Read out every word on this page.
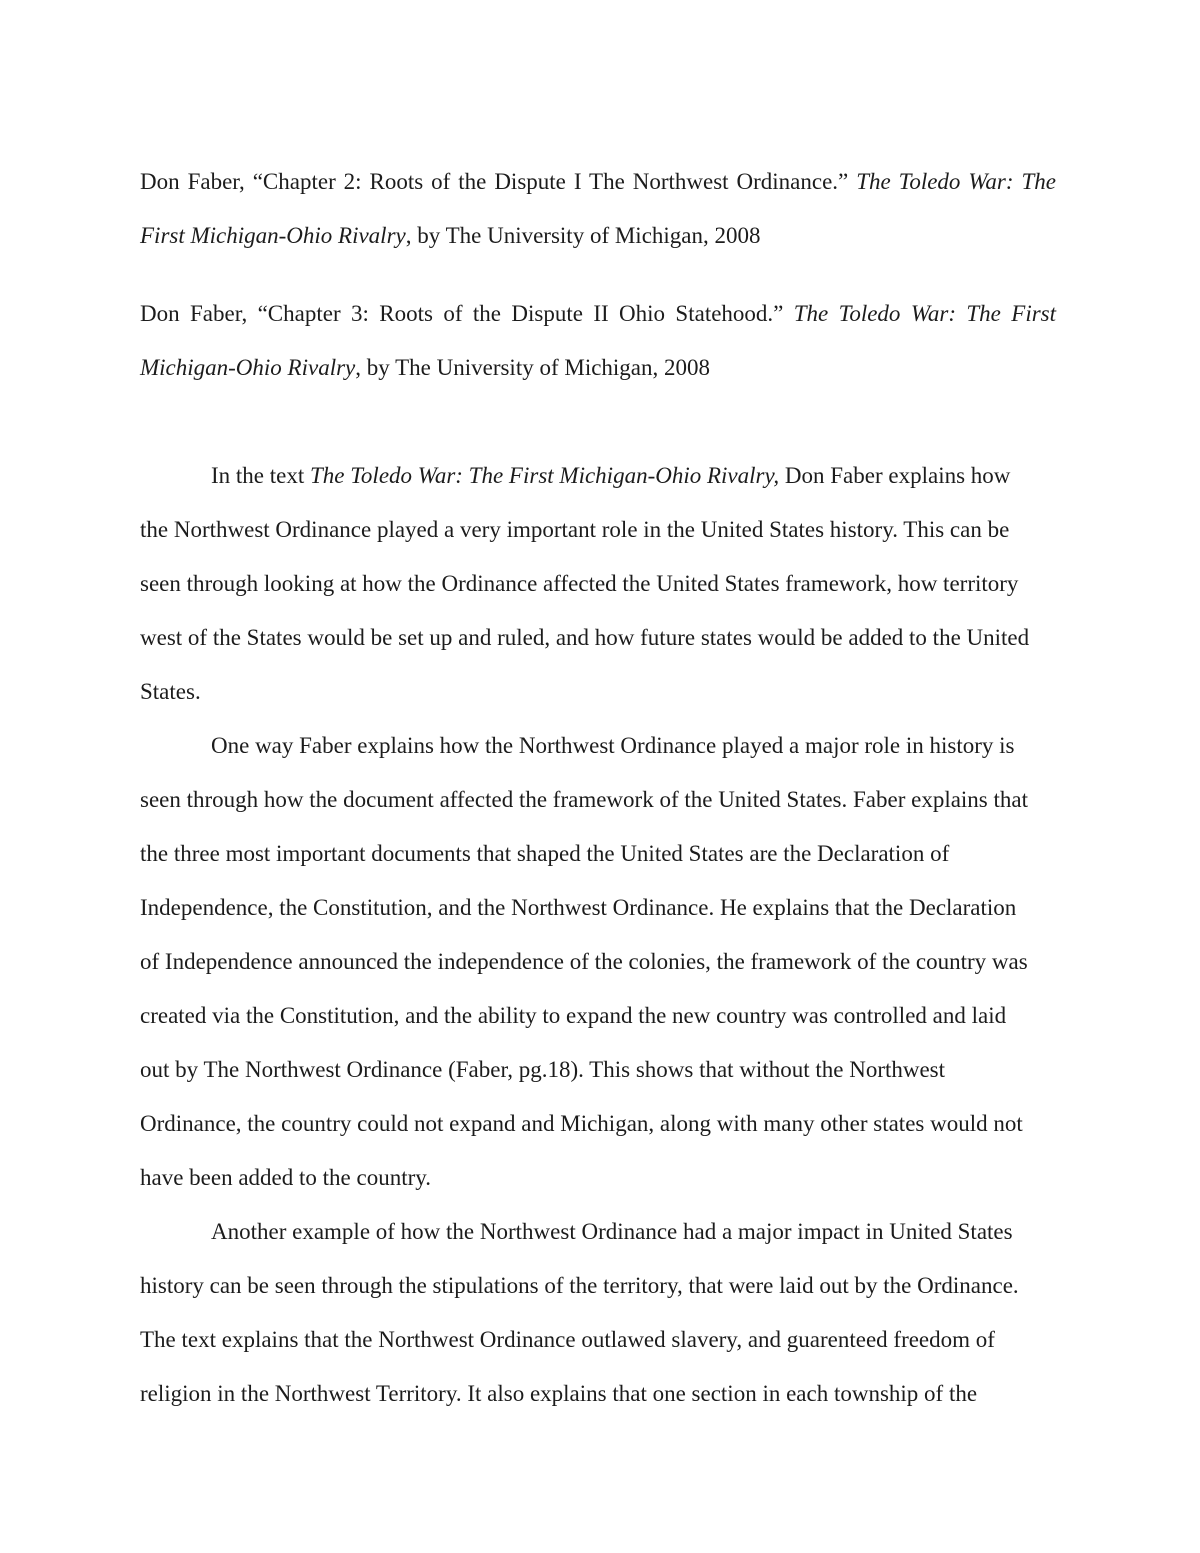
Don Faber, “Chapter 2: Roots of the Dispute I The Northwest Ordinance.” The Toledo War: The
First Michigan-Ohio Rivalry, by The University of Michigan, 2008
Don Faber, “Chapter 3: Roots of the Dispute II Ohio Statehood.” The Toledo War: The First
Michigan-Ohio Rivalry, by The University of Michigan, 2008
In the text The Toledo War: The First Michigan-Ohio Rivalry, Don Faber explains how
the Northwest Ordinance played a very important role in the United States history. This can be
seen through looking at how the Ordinance affected the United States framework, how territory
west of the States would be set up and ruled, and how future states would be added to the United
States.
One way Faber explains how the Northwest Ordinance played a major role in history is
seen through how the document affected the framework of the United States. Faber explains that
the three most important documents that shaped the United States are the Declaration of
Independence, the Constitution, and the Northwest Ordinance. He explains that the Declaration
of Independence announced the independence of the colonies, the framework of the country was
created via the Constitution, and the ability to expand the new country was controlled and laid
out by The Northwest Ordinance (Faber, pg.18). This shows that without the Northwest
Ordinance, the country could not expand and Michigan, along with many other states would not
have been added to the country.
Another example of how the Northwest Ordinance had a major impact in United States
history can be seen through the stipulations of the territory, that were laid out by the Ordinance.
The text explains that the Northwest Ordinance outlawed slavery, and guarenteed freedom of
religion in the Northwest Territory. It also explains that one section in each township of the
